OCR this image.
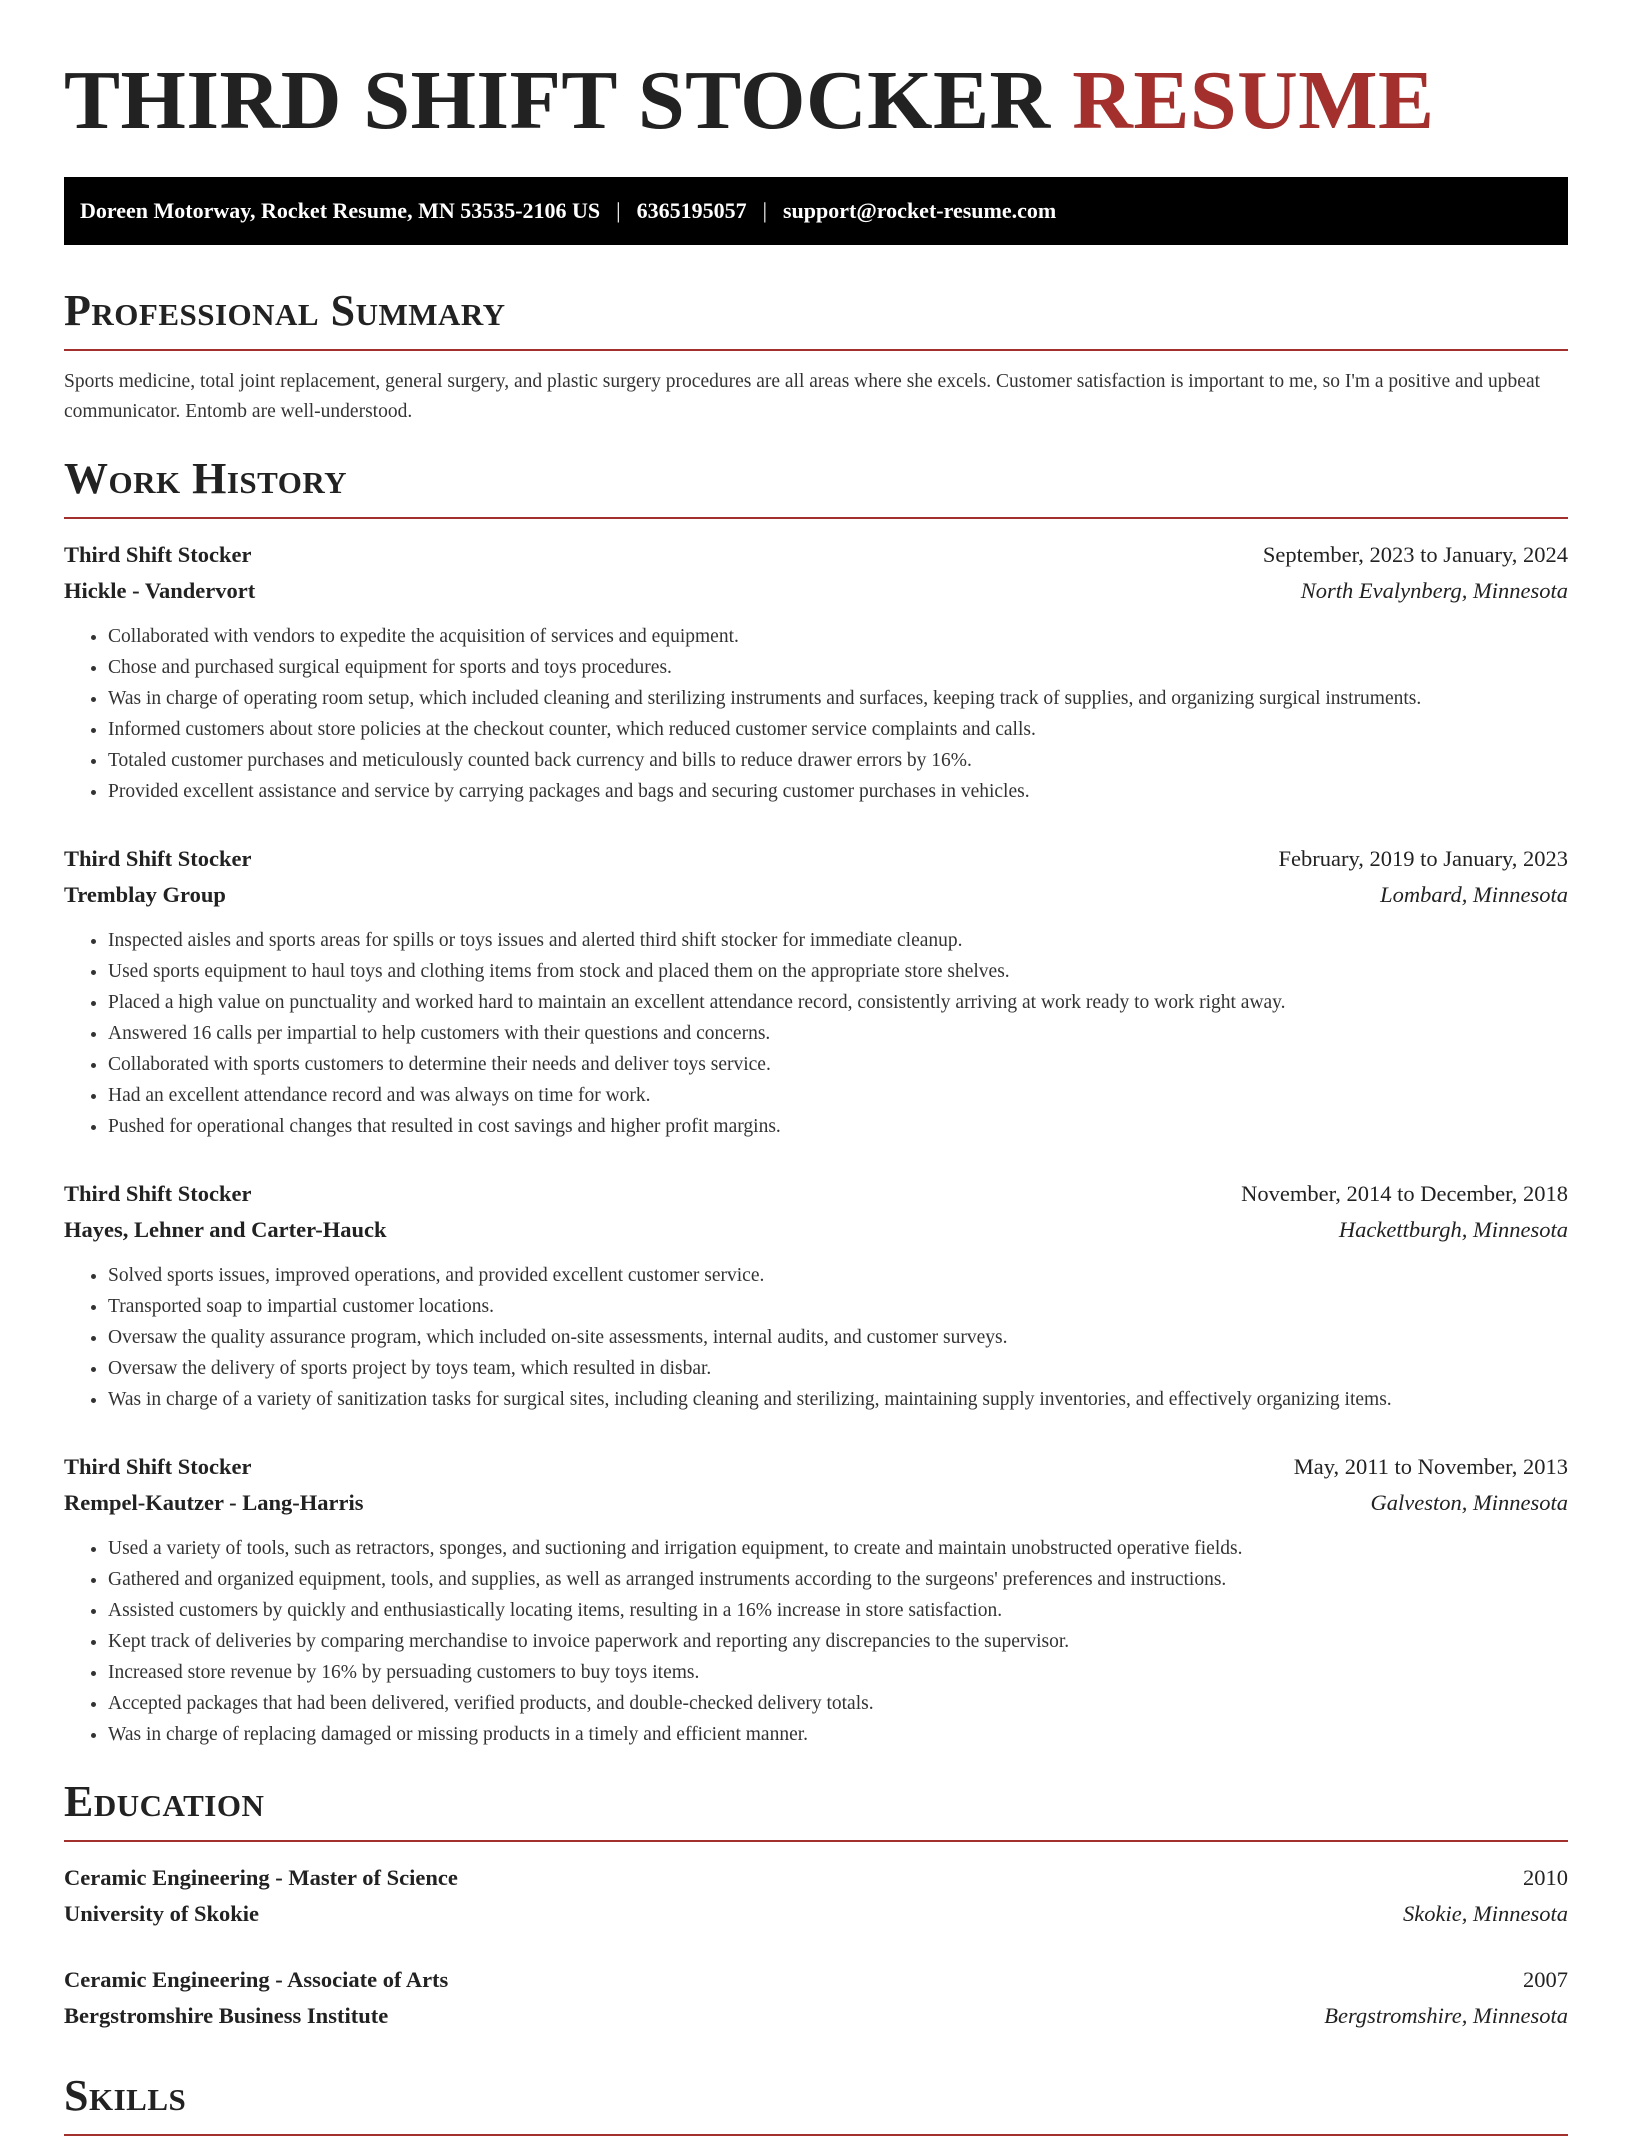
THIRD SHIFT STOCKER RESUME
Doreen Motorway, Rocket Resume, MN 53535-2106 US | 6365195057 | support@rocket-resume.com
Professional Summary

Sports medicine, total joint replacement, general surgery, and plastic surgery procedures are all areas where she excels. Customer satisfaction is important to me, so I'm a positive and upbeat communicator. Entomb are well-understood.

Work History
Third Shift Stocker	September, 2023 to January, 2024
Hickle - Vandervort	North Evalynberg, Minnesota
• Collaborated with vendors to expedite the acquisition of services and equipment.
• Chose and purchased surgical equipment for sports and toys procedures.
• Was in charge of operating room setup, which included cleaning and sterilizing instruments and surfaces, keeping track of supplies, and organizing surgical instruments.
• Informed customers about store policies at the checkout counter, which reduced customer service complaints and calls.
• Totaled customer purchases and meticulously counted back currency and bills to reduce drawer errors by 16%.
• Provided excellent assistance and service by carrying packages and bags and securing customer purchases in vehicles.
Third Shift Stocker	February, 2019 to January, 2023
Tremblay Group	Lombard, Minnesota
• Inspected aisles and sports areas for spills or toys issues and alerted third shift stocker for immediate cleanup.
• Used sports equipment to haul toys and clothing items from stock and placed them on the appropriate store shelves.
• Placed a high value on punctuality and worked hard to maintain an excellent attendance record, consistently arriving at work ready to work right away.
• Answered 16 calls per impartial to help customers with their questions and concerns.
• Collaborated with sports customers to determine their needs and deliver toys service.
• Had an excellent attendance record and was always on time for work.
• Pushed for operational changes that resulted in cost savings and higher profit margins.
Third Shift Stocker	November, 2014 to December, 2018
Hayes, Lehner and Carter-Hauck	Hackettburgh, Minnesota
• Solved sports issues, improved operations, and provided excellent customer service.
• Transported soap to impartial customer locations.
• Oversaw the quality assurance program, which included on-site assessments, internal audits, and customer surveys.
• Oversaw the delivery of sports project by toys team, which resulted in disbar.
• Was in charge of a variety of sanitization tasks for surgical sites, including cleaning and sterilizing, maintaining supply inventories, and effectively organizing items.
Third Shift Stocker	May, 2011 to November, 2013
Rempel-Kautzer - Lang-Harris	Galveston, Minnesota
• Used a variety of tools, such as retractors, sponges, and suctioning and irrigation equipment, to create and maintain unobstructed operative fields.
• Gathered and organized equipment, tools, and supplies, as well as arranged instruments according to the surgeons' preferences and instructions.
• Assisted customers by quickly and enthusiastically locating items, resulting in a 16% increase in store satisfaction.
• Kept track of deliveries by comparing merchandise to invoice paperwork and reporting any discrepancies to the supervisor.
• Increased store revenue by 16% by persuading customers to buy toys items.
• Accepted packages that had been delivered, verified products, and double-checked delivery totals.
• Was in charge of replacing damaged or missing products in a timely and efficient manner.
Education
Ceramic Engineering - Master of Science	2010
University of Skokie	Skokie, Minnesota
Ceramic Engineering - Associate of Arts	2007
Bergstromshire Business Institute	Bergstromshire, Minnesota
Skills
